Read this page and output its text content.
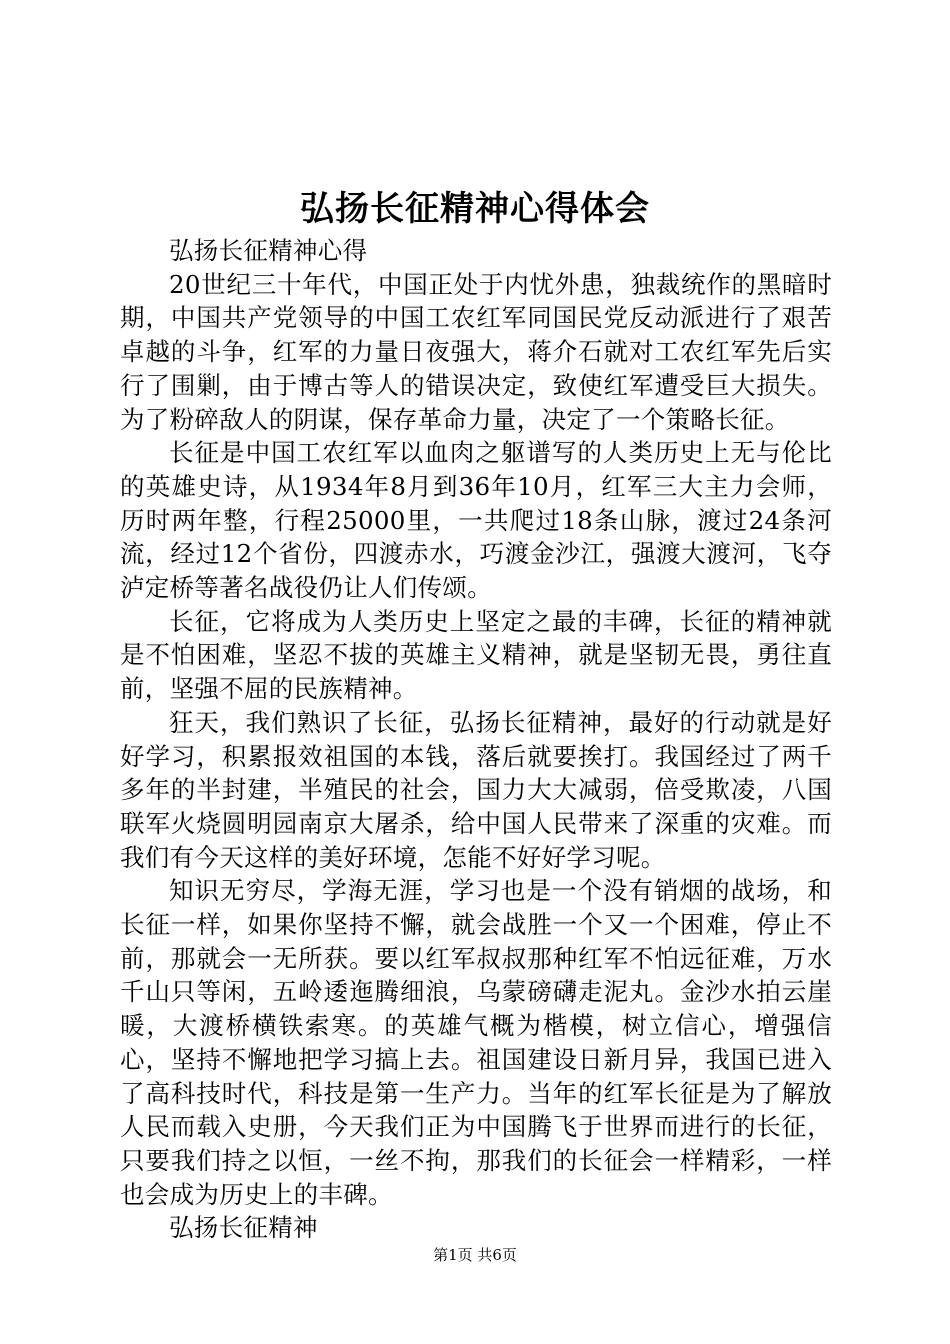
弘扬长征精神心得体会

弘扬长征精神心得

20世纪三十年代，中国正处于内忧外患，独裁统作的黑暗时期，中国共产党领导的中国工农红军同国民党反动派进行了艰苦卓越的斗争，红军的力量日夜强大，蒋介石就对工农红军先后实行了围剿，由于博古等人的错误决定，致使红军遭受巨大损失。为了粉碎敌人的阴谋，保存革命力量，决定了一个策略长征。

长征是中国工农红军以血肉之躯谱写的人类历史上无与伦比的英雄史诗，从1934年8月到36年10月，红军三大主力会师，历时两年整，行程25000里，一共爬过18条山脉，渡过24条河流，经过12个省份，四渡赤水，巧渡金沙江，强渡大渡河，飞夺泸定桥等著名战役仍让人们传颂。

长征，它将成为人类历史上坚定之最的丰碑，长征的精神就是不怕困难，坚忍不拔的英雄主义精神，就是坚韧无畏，勇往直前，坚强不屈的民族精神。

狂天，我们熟识了长征，弘扬长征精神，最好的行动就是好好学习，积累报效祖国的本钱，落后就要挨打。我国经过了两千多年的半封建，半殖民的社会，国力大大减弱，倍受欺凌，八国联军火烧圆明园南京大屠杀，给中国人民带来了深重的灾难。而我们有今天这样的美好环境，怎能不好好学习呢。

知识无穷尽，学海无涯，学习也是一个没有销烟的战场，和长征一样，如果你坚持不懈，就会战胜一个又一个困难，停止不前，那就会一无所获。要以红军叔叔那种红军不怕远征难，万水千山只等闲，五岭逶迤腾细浪，乌蒙磅礴走泥丸。金沙水拍云崖暖，大渡桥横铁索寒。的英雄气概为楷模，树立信心，增强信心，坚持不懈地把学习搞上去。祖国建设日新月异，我国已进入了高科技时代，科技是第一生产力。当年的红军长征是为了解放人民而载入史册，今天我们正为中国腾飞于世界而进行的长征，只要我们持之以恒，一丝不拘，那我们的长征会一样精彩，一样也会成为历史上的丰碑。

弘扬长征精神

第1页 共6页
